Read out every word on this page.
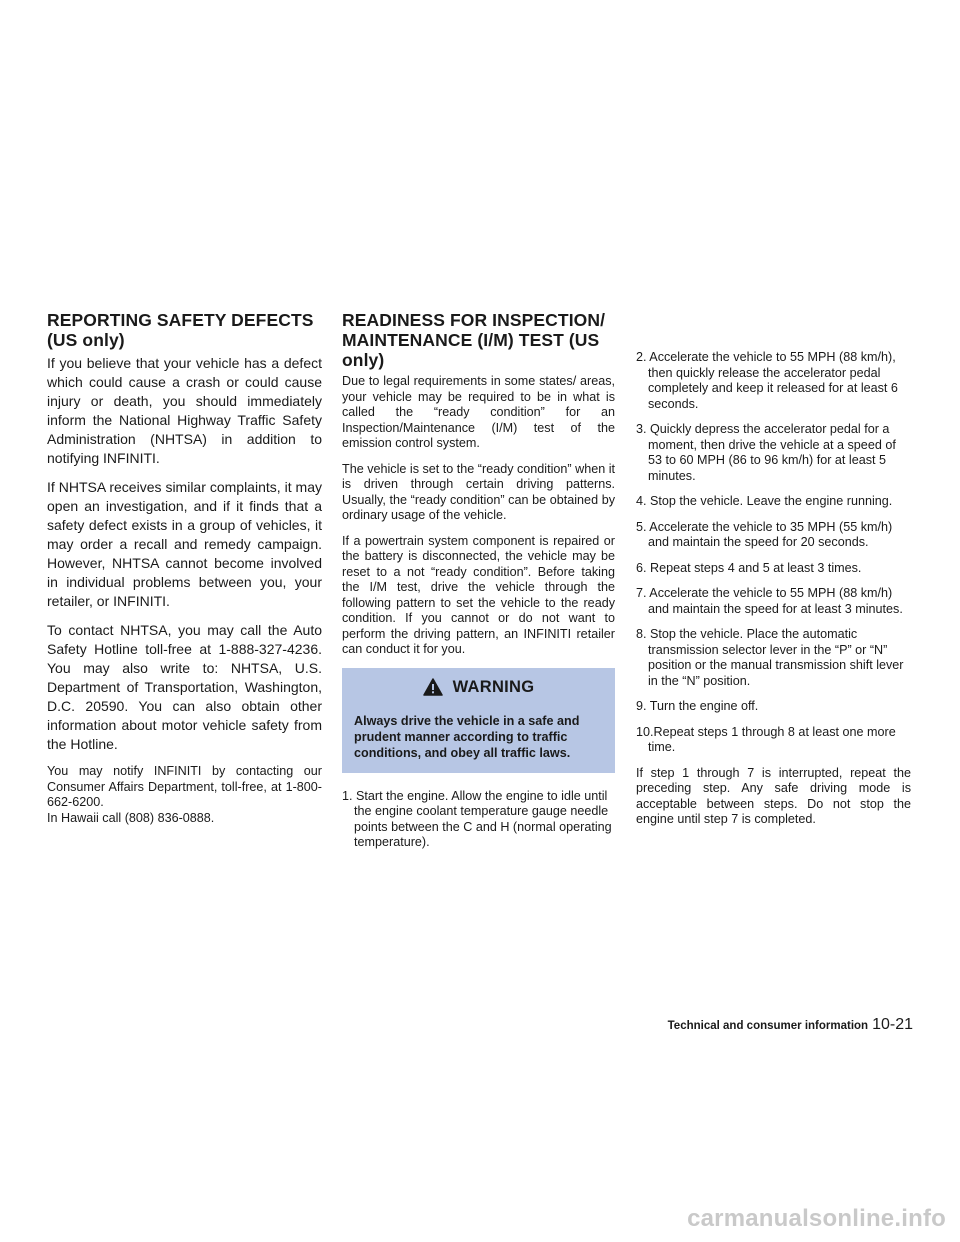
REPORTING SAFETY DEFECTS (US only)

If you believe that your vehicle has a defect which could cause a crash or could cause injury or death, you should immediately inform the National Highway Traffic Safety Administration (NHTSA) in addition to notifying INFINITI.

If NHTSA receives similar complaints, it may open an investigation, and if it finds that a safety defect exists in a group of vehicles, it may order a recall and remedy campaign. However, NHTSA cannot become involved in individual problems between you, your retailer, or INFINITI.

To contact NHTSA, you may call the Auto Safety Hotline toll-free at 1-888-327-4236. You may also write to: NHTSA, U.S. Department of Transportation, Washington, D.C. 20590. You can also obtain other information about motor vehicle safety from the Hotline.

You may notify INFINITI by contacting our Consumer Affairs Department, toll-free, at 1-800-662-6200.

In Hawaii call (808) 836-0888.

READINESS FOR INSPECTION/ MAINTENANCE (I/M) TEST (US only)

Due to legal requirements in some states/ areas, your vehicle may be required to be in what is called the “ready condition” for an Inspection/Maintenance (I/M) test of the emission control system.

The vehicle is set to the “ready condition” when it is driven through certain driving patterns. Usually, the “ready condition” can be obtained by ordinary usage of the vehicle.

If a powertrain system component is repaired or the battery is disconnected, the vehicle may be reset to a not “ready condition”. Before taking the I/M test, drive the vehicle through the following pattern to set the vehicle to the ready condition. If you cannot or do not want to perform the driving pattern, an INFINITI retailer can conduct it for you.

WARNING
Always drive the vehicle in a safe and prudent manner according to traffic conditions, and obey all traffic laws.
1. Start the engine. Allow the engine to idle until the engine coolant temperature gauge needle points between the C and H (normal operating temperature).
2. Accelerate the vehicle to 55 MPH (88 km/h), then quickly release the accelerator pedal completely and keep it released for at least 6 seconds.
3. Quickly depress the accelerator pedal for a moment, then drive the vehicle at a speed of 53 to 60 MPH (86 to 96 km/h) for at least 5 minutes.
4. Stop the vehicle. Leave the engine running.
5. Accelerate the vehicle to 35 MPH (55 km/h) and maintain the speed for 20 seconds.
6. Repeat steps 4 and 5 at least 3 times.
7. Accelerate the vehicle to 55 MPH (88 km/h) and maintain the speed for at least 3 minutes.
8. Stop the vehicle. Place the automatic transmission selector lever in the “P” or “N” position or the manual transmission shift lever in the “N” position.
9. Turn the engine off.
10.Repeat steps 1 through 8 at least one more time.

If step 1 through 7 is interrupted, repeat the preceding step. Any safe driving mode is acceptable between steps. Do not stop the engine until step 7 is completed.

Technical and consumer information 10-21
carmanualsonline.info
